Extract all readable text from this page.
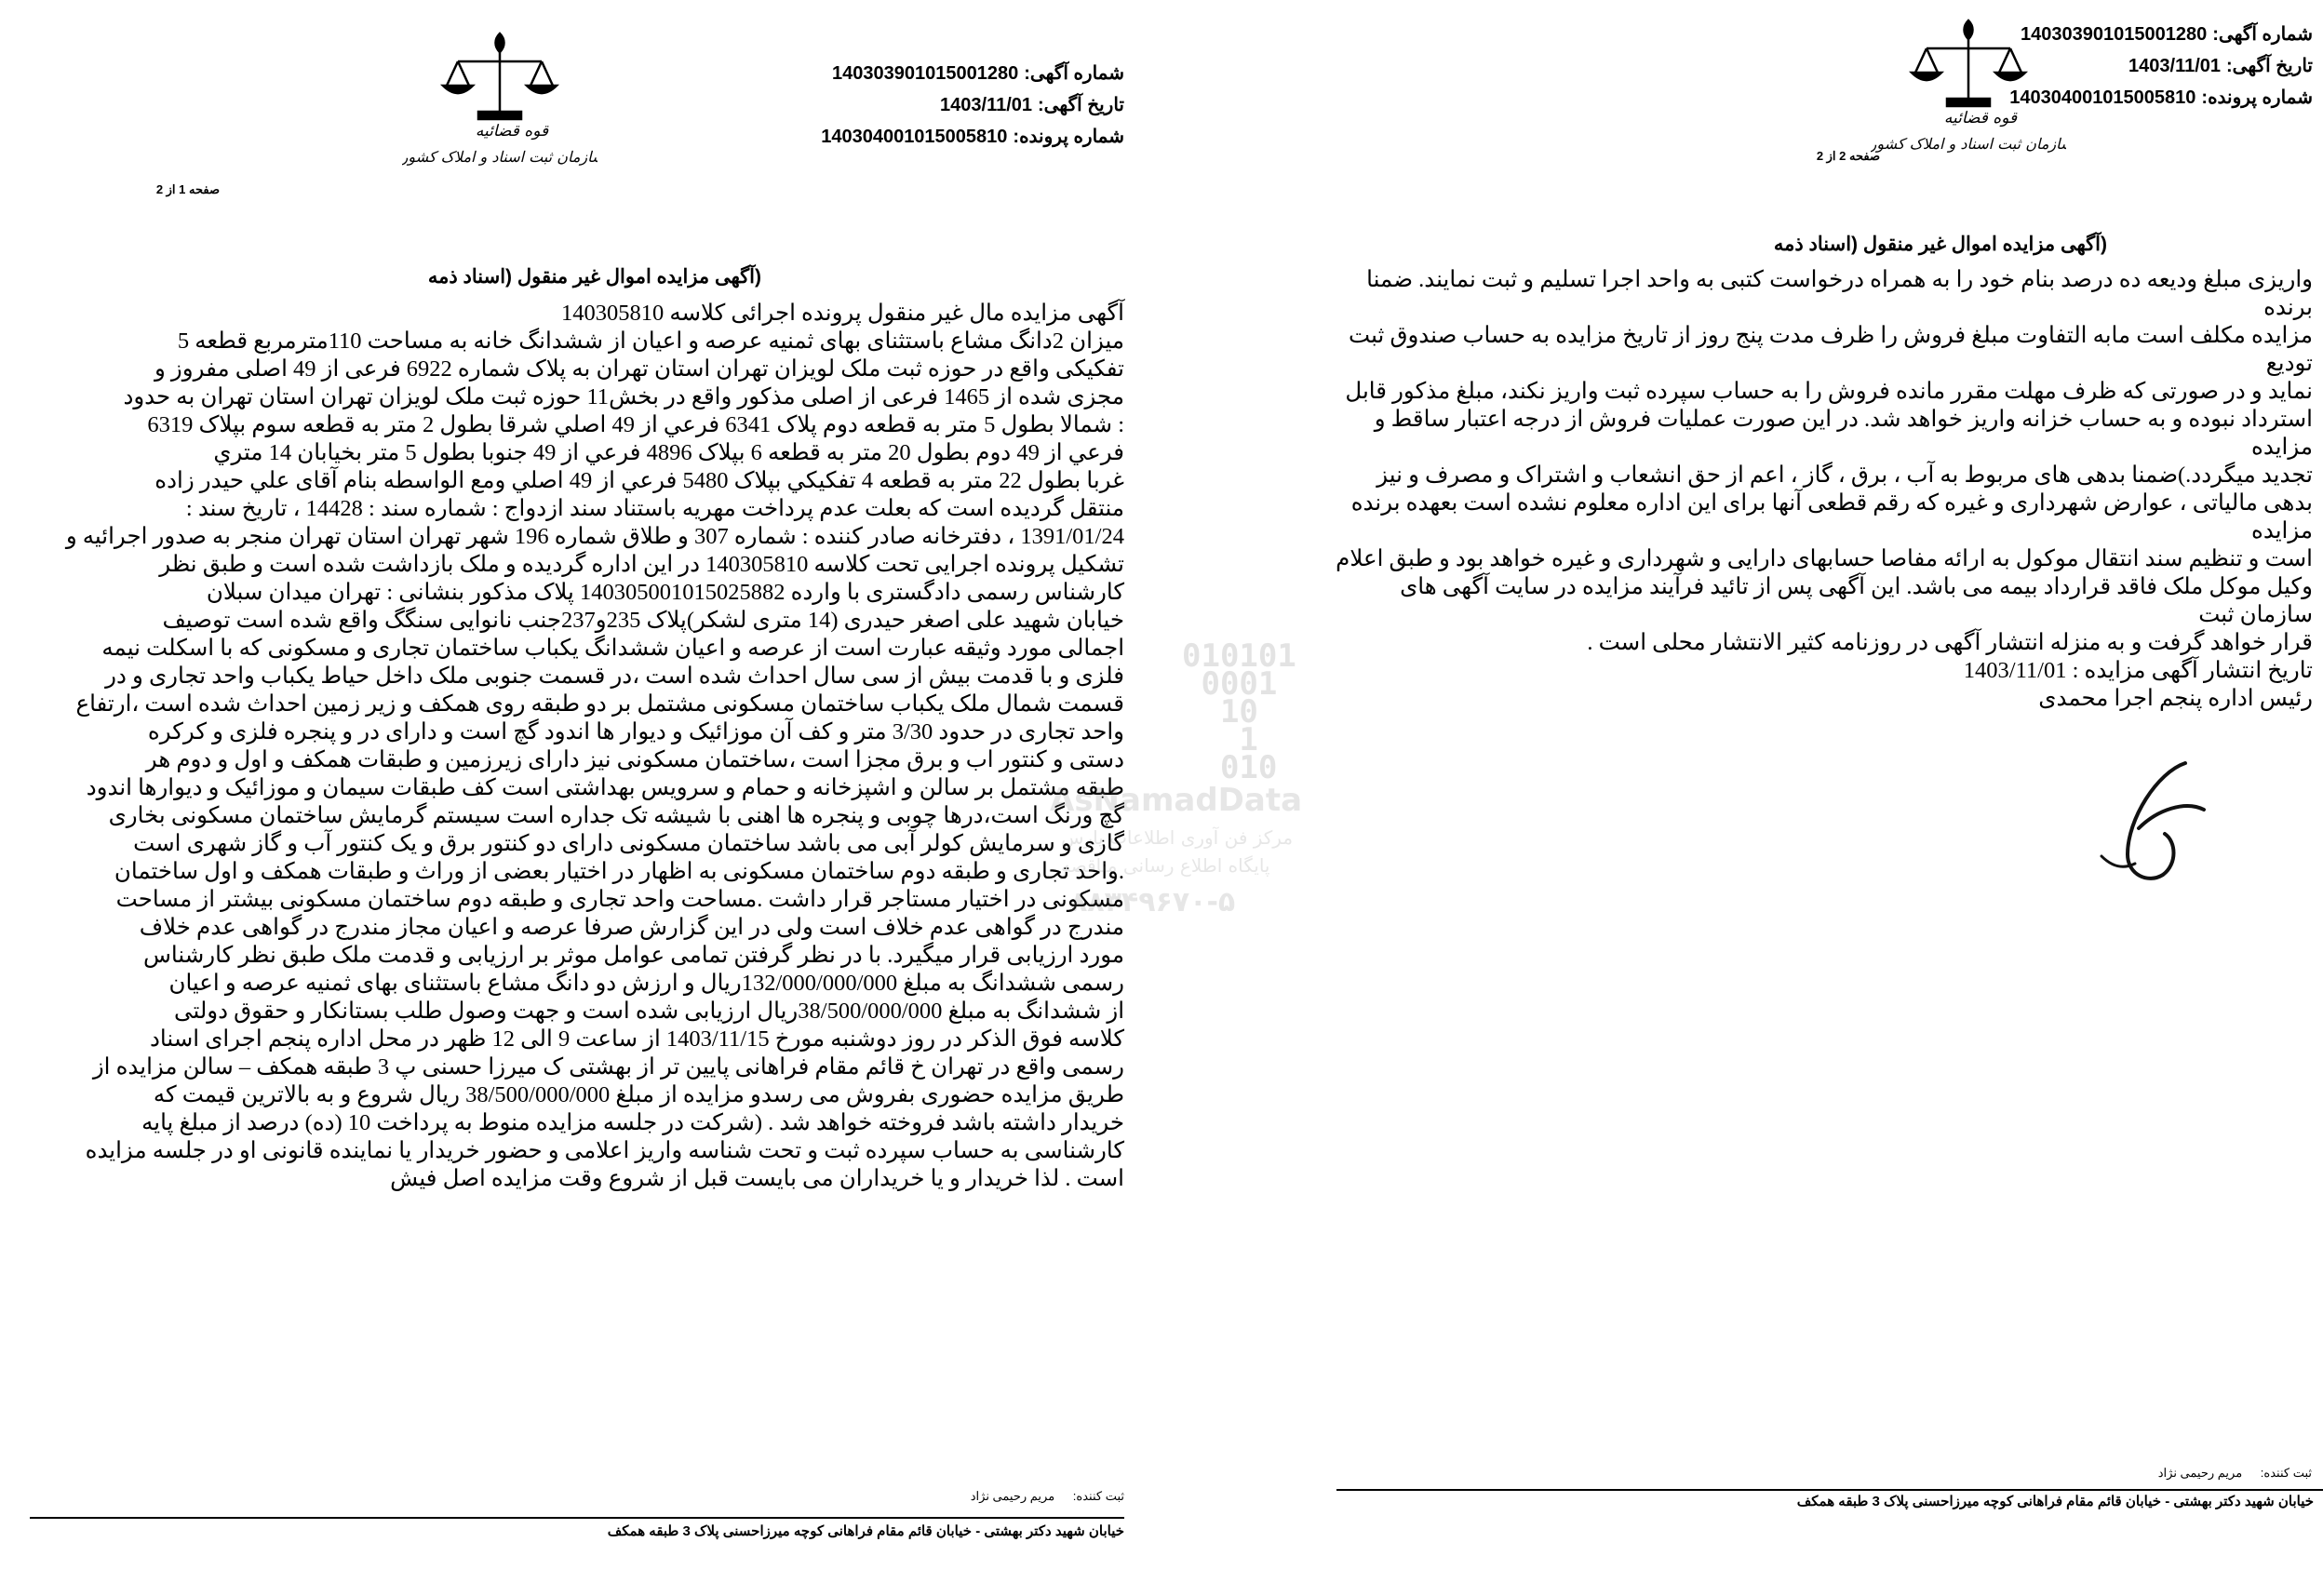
شماره آگهی:140303901015001280
تاریخ آگهی:1403/11/01
شماره پرونده:140304001015005810
قوه قضائیه
سازمان ثبت اسناد و املاک کشور
صفحه 2 از 2
(آگهی مزایده اموال غیر منقول (اسناد ذمه
واریزی مبلغ ودیعه ده درصد بنام خود را به همراه درخواست کتبی به واحد اجرا تسلیم و ثبت نمایند. ضمنا برنده
مزایده مکلف است مابه التفاوت مبلغ فروش را ظرف مدت پنج روز از تاریخ مزایده به حساب صندوق ثبت تودیع
نماید و در صورتی که ظرف مهلت مقرر مانده فروش را به حساب سپرده ثبت واریز نکند، مبلغ مذکور قابل
استرداد نبوده و به حساب خزانه واریز خواهد شد. در این صورت عملیات فروش از درجه اعتبار ساقط و مزایده
تجدید میگردد.)ضمنا بدهی های مربوط به آب ، برق ، گاز ، اعم از حق انشعاب و اشتراک و مصرف و نیز
بدهی مالیاتی ، عوارض شهرداری و غیره که رقم قطعی آنها برای این اداره معلوم نشده است بعهده برنده مزایده
است و تنظیم سند انتقال موکول به ارائه مفاصا حسابهای دارایی و شهرداری و غیره خواهد بود و طبق اعلام
وکیل موکل ملک فاقد قرارداد بیمه می باشد. این آگهی پس از تائید فرآیند مزایده در سایت آگهی های سازمان ثبت
قرار خواهد گرفت و به منزله انتشار آگهی در روزنامه کثیر الانتشار محلی است .
تاریخ انتشار آگهی مزایده : 1403/11/01
رئیس اداره پنجم اجرا محمدی
ثبت کننده: مریم رحیمی نژاد
خیابان شهید دکتر بهشتی - خیابان قائم مقام فراهانی کوچه میرزاحسنی پلاک 3 طبقه همکف
شماره آگهی:140303901015001280
تاریخ آگهی:1403/11/01
شماره پرونده:140304001015005810
قوه قضائیه
سازمان ثبت اسناد و املاک کشور
صفحه 1 از 2
(آگهی مزایده اموال غیر منقول (اسناد ذمه
آگهی مزایده مال غیر منقول پرونده اجرائی کلاسه 140305810
میزان 2دانگ مشاع باستثنای بهای ثمنیه عرصه و اعیان از ششدانگ خانه به مساحت 110مترمربع قطعه 5
تفکیکی واقع در حوزه ثبت ملک لویزان تهران استان تهران به پلاک شماره 6922 فرعی از 49 اصلی مفروز و
مجزی شده از 1465 فرعی از اصلی مذکور واقع در بخش11 حوزه ثبت ملک لویزان تهران استان تهران به حدود
: شمالا بطول 5 متر به قطعه دوم پلاک 6341 فرعي از 49 اصلي شرقا بطول 2 متر به قطعه سوم بپلاک 6319
فرعي از 49 دوم بطول 20 متر به قطعه 6 بپلاک 4896 فرعي از 49 جنوبا بطول 5 متر بخیابان 14 متري
غربا بطول 22 متر به قطعه 4 تفکیکي بپلاک 5480 فرعي از 49 اصلي ومع الواسطه بنام آقای علي حیدر زاده
منتقل گردیده است که بعلت عدم پرداخت مهریه باستناد سند ازدواج : شماره سند : 14428 ، تاریخ سند :
1391/01/24 ، دفترخانه صادر کننده : شماره 307 و طلاق شماره 196 شهر تهران استان تهران منجر به صدور اجرائیه و
تشکیل پرونده اجرایی تحت کلاسه 140305810 در این اداره گردیده و ملک بازداشت شده است و طبق نظر
کارشناس رسمی دادگستری با وارده 140305001015025882 پلاک مذکور بنشانی : تهران میدان سبلان
خیابان شهید علی اصغر حیدری (14 متری لشکر)پلاک 235و237جنب نانوایی سنگگ واقع شده است توصیف
اجمالی مورد وثیقه عبارت است از عرصه و اعیان ششدانگ یکباب ساختمان تجاری و مسکونی که با اسکلت نیمه
فلزی و با قدمت بیش از سی سال احداث شده است ،در قسمت جنوبی ملک داخل حیاط یکباب واحد تجاری و در
قسمت شمال ملک یکباب ساختمان مسکونی مشتمل بر دو طبقه روی همکف و زیر زمین احداث شده است ،ارتفاع
واحد تجاری در حدود 3/30 متر و کف آن موزائیک و دیوار ها اندود گچ است و دارای در و پنجره فلزی و کرکره
دستی و کنتور اب و برق مجزا است ،ساختمان مسکونی نیز دارای زیرزمین و طبقات همکف و اول و دوم هر
طبقه مشتمل بر سالن و اشپزخانه و حمام و سرویس بهداشتی است کف طبقات سیمان و موزائیک و دیوارها اندود
گچ ورنگ است،درها چوبی و پنجره ها اهنی با شیشه تک جداره است سیستم گرمایش ساختمان مسکونی بخاری
گازی و سرمایش کولر آبی می باشد ساختمان مسکونی دارای دو کنتور برق و یک کنتور آب و گاز شهری است
.واحد تجاری و طبقه دوم ساختمان مسکونی به اظهار در اختیار بعضی از وراث و طبقات همکف و اول ساختمان
مسکونی در اختیار مستاجر قرار داشت .مساحت واحد تجاری و طبقه دوم ساختمان مسکونی بیشتر از مساحت
مندرج در گواهی عدم خلاف است ولی در این گزارش صرفا عرصه و اعیان مجاز مندرج در گواهی عدم خلاف
مورد ارزیابی قرار میگیرد. با در نظر گرفتن تمامی عوامل موثر بر ارزیابی و قدمت ملک طبق نظر کارشناس
رسمی ششدانگ به مبلغ 132/000/000/000ریال و ارزش دو دانگ مشاع باستثنای بهای ثمنیه عرصه و اعیان
از ششدانگ به مبلغ 38/500/000/000ریال ارزیابی شده است و جهت وصول طلب بستانکار و حقوق دولتی
کلاسه فوق الذکر در روز دوشنبه مورخ 1403/11/15 از ساعت 9 الی 12 ظهر در محل اداره پنجم اجرای اسناد
رسمی واقع در تهران خ قائم مقام فراهانی پایین تر از بهشتی ک میرزا حسنی پ 3 طبقه همکف – سالن مزایده از
طریق مزایده حضوری بفروش می رسدو مزایده از مبلغ 38/500/000/000 ریال شروع و به بالاترین قیمت که
خریدار داشته باشد فروخته خواهد شد . (شرکت در جلسه مزایده منوط به پرداخت 10 (ده) درصد از مبلغ پایه
کارشناسی به حساب سپرده ثبت و تحت شناسه واریز اعلامی و حضور خریدار یا نماینده قانونی او در جلسه مزایده
است . لذا خریدار و یا خریداران می بایست قبل از شروع وقت مزایده اصل فیش
ثبت کننده: مریم رحیمی نژاد
خیابان شهید دکتر بهشتی - خیابان قائم مقام فراهانی کوچه میرزاحسنی پلاک 3 طبقه همکف
010101
0001
10
1
010
AsNamadData
مرکز فن آوری اطلاعات پارس
پایگاه اطلاع رسانی مناقصه
۸۸۳۴۹۶۷۰-۵
